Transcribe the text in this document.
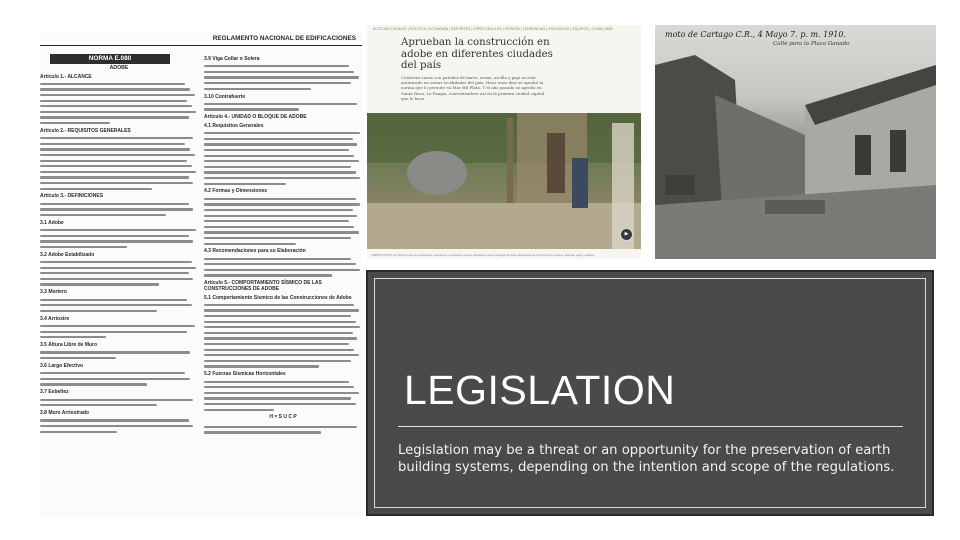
REGLAMENTO NACIONAL DE EDIFICACIONES
NORMA E.080
ADOBE
Artículo 1.- ALCANCE
Artículo 2.- REQUISITOS GENERALES
Artículo 3.- DEFINICIONES
3.1 Adobe
3.2 Adobe Estabilizado
3.3 Mortero
3.4 Arriostre
3.5 Altura Libre de Muro
3.6 Largo Efectivo
3.7 Esbeltez
3.8 Muro Arriostrado
3.9 Viga Collar o Solera
3.10 Contrafuerte
Artículo 4.- UNIDAD O BLOQUE DE ADOBE
4.1 Requisitos Generales
4.2 Formas y Dimensiones
4.3 Recomendaciones para su Elaboración
Artículo 5.- COMPORTAMIENTO SÍSMICO DE LAS CONSTRUCCIONES DE ADOBE
5.1 Comportamiento Sísmico de las Construcciones de Adobe
5.2 Fuerzas Sísmicas Horizontales
H = S U C P
NOTICIAS LOCALES | POLÍTICA | ECONOMÍA | DEPORTES | ESPECTÁCULOS | OPINIÓN | TENDENCIAS | POLICIALES | EQUIPOS | CLIMA | MÁS
Aprueban la construcción en adobe en diferentes ciudades del país
Construir casas con paredes de barro, arena, arcilla y paja es está autorizado en varias localidades del país. Hace unos días se aprobó la norma que lo permite en Mar del Plata. Y el año pasado se aprobó en Santa Rosa, La Pampa, convirtiéndose así en la primera ciudad capital que lo hace.
▶
CREDITO FOTO: En 2019 grupos de ecologistas, arquitectos e ingenieros vienen trabajando para investigar técnicas alternativas de construcción en barro, además, paja y madera.
moto de Cartago C.R., 4 Mayo 7. p. m. 1910.
Calle para la Plaza Ganado
LEGISLATION
Legislation may be a threat or an opportunity for the preservation of earth building systems, depending on the intention and scope of the regulations.
